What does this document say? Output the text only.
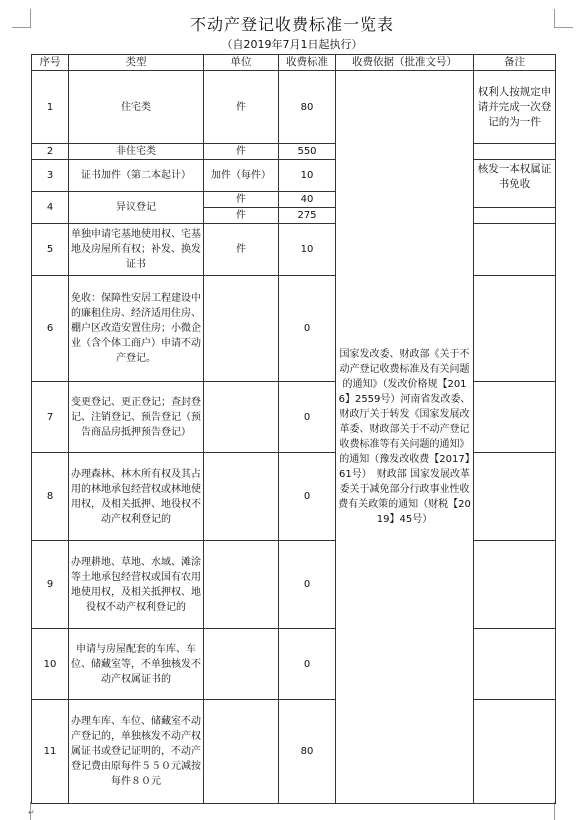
不动产登记收费标准一览表
（自2019年7月1日起执行）
序号	类型	单位	收费标准	收费依据（批准文号）	备注
1	住宅类	件	80	国家发改委、财政部《关于不动产登记收费标准及有关问题的通知》（发改价格规【2016】2559号）河南省发改委、财政厅关于转发《国家发展改革委、财政部关于不动产登记收费标准等有关问题的通知》的通知（豫发改收费【2017】61号）　财政部 国家发展改革委关于减免部分行政事业性收费有关政策的通知（财税【2019】45号）	权利人按规定申请并完成一次登记的为一件
2	非住宅类	件	550		
3	证书加件（第二本起计）	加件（每件）	10		核发一本权属证书免收
4	异议登记	件	40		
		件	275		
5	单独申请宅基地使用权、宅基地及房屋所有权；补发、换发证书	件	10		
6	免收：保障性安居工程建设中的廉租住房、经济适用住房、棚户区改造安置住房；小微企业（含个体工商户）申请不动产登记。		0		
7	变更登记、更正登记；查封登记、注销登记、预告登记（预告商品房抵押预告登记）		0		
8	办理森林、林木所有权及其占用的林地承包经营权或林地使用权，及相关抵押、地役权不动产权利登记的		0		
9	办理耕地、草地、水域、滩涂等土地承包经营权或国有农用地使用权，及相关抵押权、地役权不动产权利登记的		0		
10	申请与房屋配套的车库、车位、储藏室等，不单独核发不动产权属证书的		0		
11	办理车库、车位、储藏室不动产登记的，单独核发不动产权属证书或登记证明的，不动产登记费由原每件５５０元减按每件８０元		80		
↵
